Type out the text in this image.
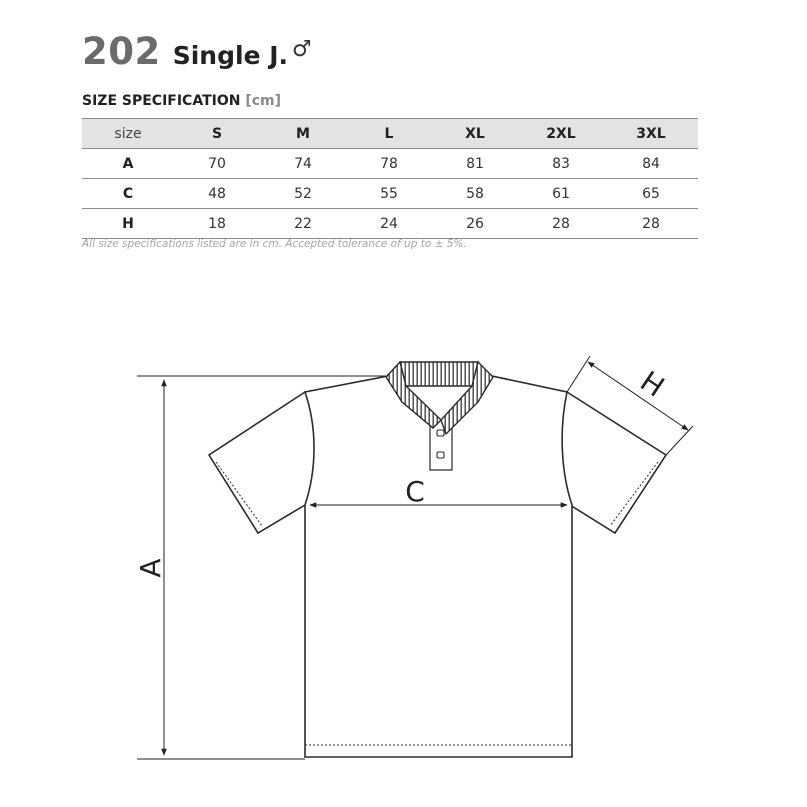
202 Single J. ♂
SIZE SPECIFICATION [cm]
size	S	M	L	XL	2XL	3XL
A	70	74	78	81	83	84
C	48	52	55	58	61	65
H	18	22	24	26	28	28
All size specifications listed are in cm. Accepted tolerance of up to ± 5%.
A
C
H
